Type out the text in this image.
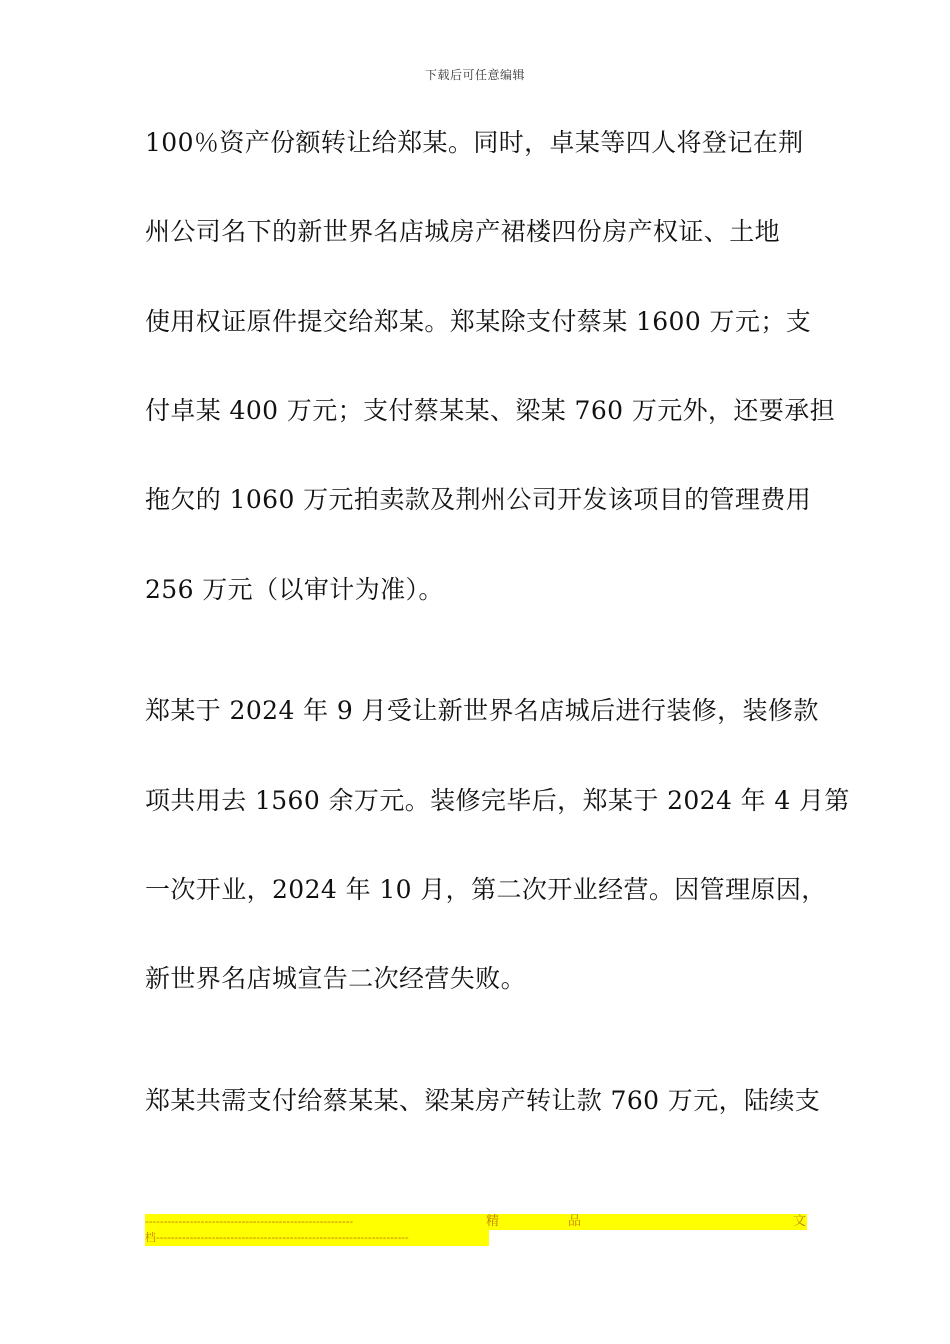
下载后可任意编辑
100％资产份额转让给郑某。同时，卓某等四人将登记在荆
州公司名下的新世界名店城房产裙楼四份房产权证、土地
使用权证原件提交给郑某。郑某除支付蔡某 1600 万元；支
付卓某 400 万元；支付蔡某某、梁某 760 万元外，还要承担
拖欠的 1060 万元拍卖款及荆州公司开发该项目的管理费用
256 万元（以审计为准）。
郑某于 2024 年 9 月受让新世界名店城后进行装修，装修款
项共用去 1560 余万元。装修完毕后，郑某于 2024 年 4 月第
一次开业，2024 年 10 月，第二次开业经营。因管理原因，
新世界名店城宣告二次经营失败。
郑某共需支付给蔡某某、梁某房产转让款 760 万元，陆续支
--------------------------------------------------------	精	品	文
档--------------------------------------------------------------------
